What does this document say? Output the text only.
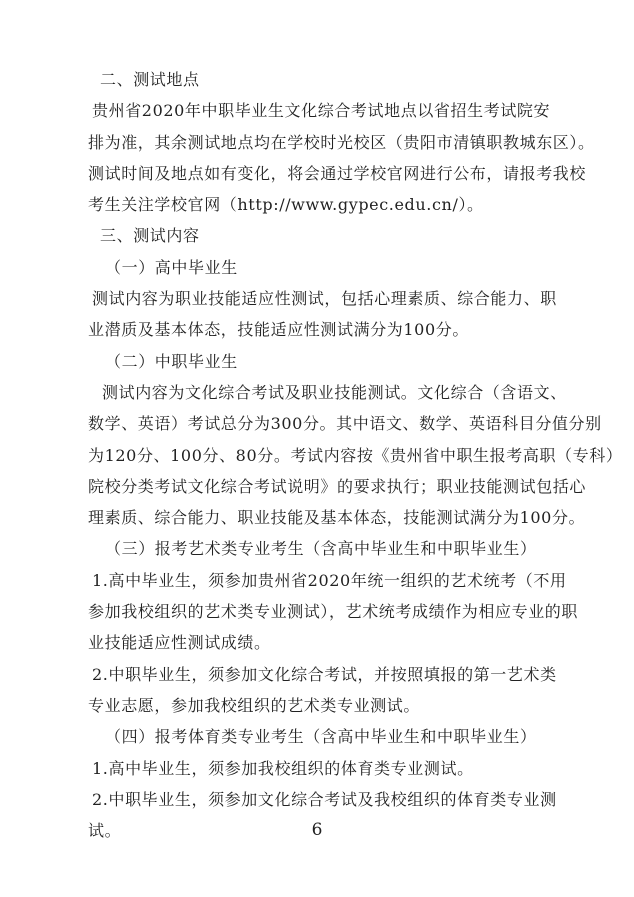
二、测试地点
贵州省2020年中职毕业生文化综合考试地点以省招生考试院安
排为准，其余测试地点均在学校时光校区（贵阳市清镇职教城东区）。
测试时间及地点如有变化，将会通过学校官网进行公布，请报考我校
考生关注学校官网（http://www.gypec.edu.cn/）。
三、测试内容
（一）高中毕业生
测试内容为职业技能适应性测试，包括心理素质、综合能力、职
业潜质及基本体态，技能适应性测试满分为100分。
（二）中职毕业生
测试内容为文化综合考试及职业技能测试。文化综合（含语文、
数学、英语）考试总分为300分。其中语文、数学、英语科目分值分别
为120分、100分、80分。考试内容按《贵州省中职生报考高职（专科）
院校分类考试文化综合考试说明》的要求执行；职业技能测试包括心
理素质、综合能力、职业技能及基本体态，技能测试满分为100分。
（三）报考艺术类专业考生（含高中毕业生和中职毕业生）
1.高中毕业生，须参加贵州省2020年统一组织的艺术统考（不用
参加我校组织的艺术类专业测试），艺术统考成绩作为相应专业的职
业技能适应性测试成绩。
2.中职毕业生，须参加文化综合考试，并按照填报的第一艺术类
专业志愿，参加我校组织的艺术类专业测试。
（四）报考体育类专业考生（含高中毕业生和中职毕业生）
1.高中毕业生，须参加我校组织的体育类专业测试。
2.中职毕业生，须参加文化综合考试及我校组织的体育类专业测
试。	6
